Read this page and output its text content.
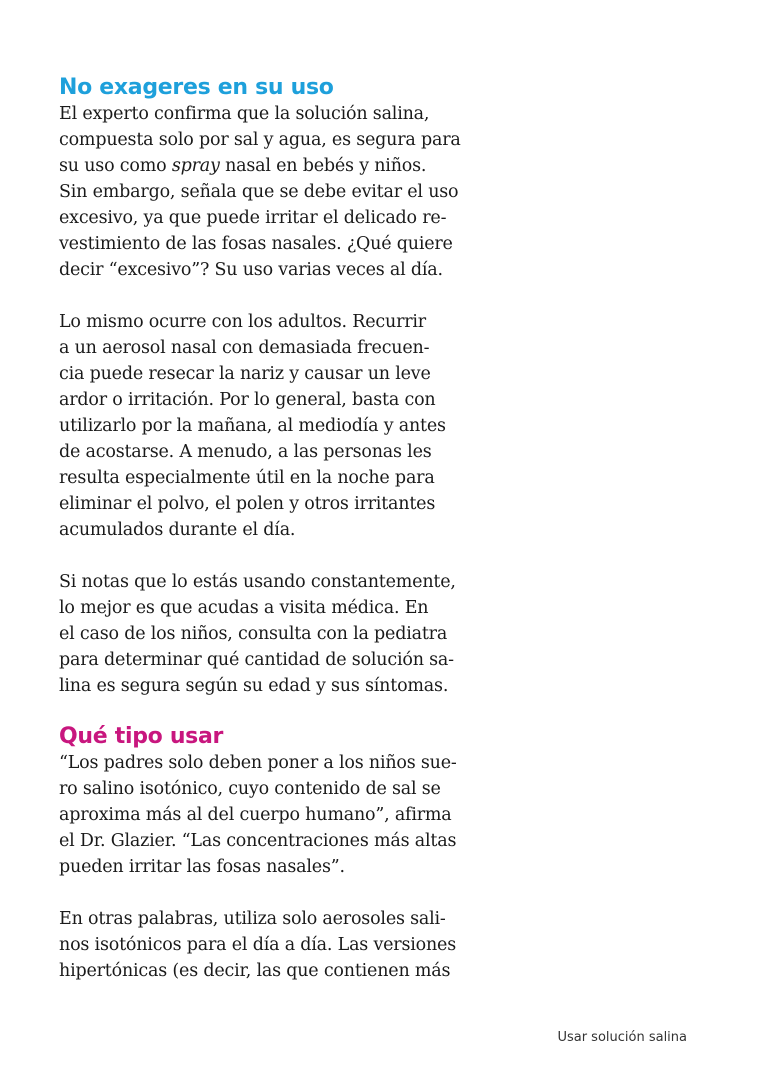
No exageres en su uso
El experto confirma que la solución salina,
compuesta solo por sal y agua, es segura para
su uso como spray nasal en bebés y niños.
Sin embargo, señala que se debe evitar el uso
excesivo, ya que puede irritar el delicado re-
vestimiento de las fosas nasales. ¿Qué quiere
decir “excesivo”? Su uso varias veces al día.
Lo mismo ocurre con los adultos. Recurrir
a un aerosol nasal con demasiada frecuen-
cia puede resecar la nariz y causar un leve
ardor o irritación. Por lo general, basta con
utilizarlo por la mañana, al mediodía y antes
de acostarse. A menudo, a las personas les
resulta especialmente útil en la noche para
eliminar el polvo, el polen y otros irritantes
acumulados durante el día.
Si notas que lo estás usando constantemente,
lo mejor es que acudas a visita médica. En
el caso de los niños, consulta con la pediatra
para determinar qué cantidad de solución sa-
lina es segura según su edad y sus síntomas.
Qué tipo usar
“Los padres solo deben poner a los niños sue-
ro salino isotónico, cuyo contenido de sal se
aproxima más al del cuerpo humano”, afirma
el Dr. Glazier. “Las concentraciones más altas
pueden irritar las fosas nasales”.
En otras palabras, utiliza solo aerosoles sali-
nos isotónicos para el día a día. Las versiones
hipertónicas (es decir, las que contienen más
Usar solución salina
